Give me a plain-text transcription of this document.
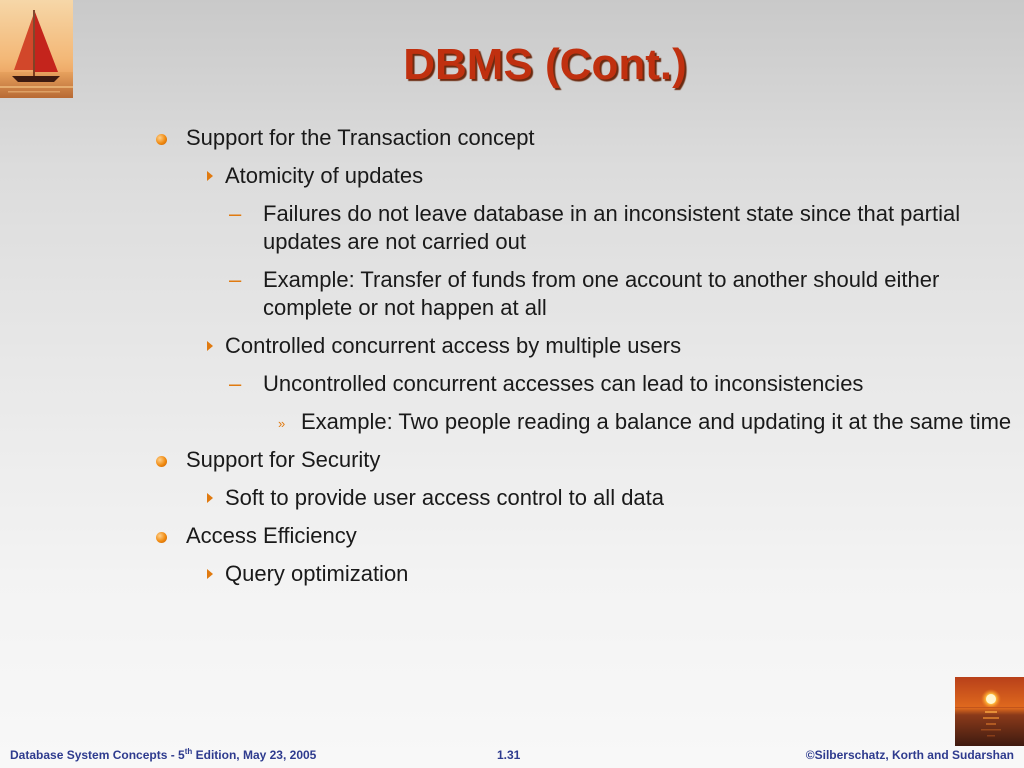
DBMS (Cont.)
Support for the Transaction concept
Atomicity of updates
– Failures do not leave database in an inconsistent state since that partial updates are not carried out
– Example: Transfer of funds from one account to another should either complete or not happen at all
Controlled concurrent access by multiple users
– Uncontrolled concurrent accesses can lead to inconsistencies
» Example: Two people reading a balance and updating it at the same time
Support for Security
Soft to provide user access control to all data
Access Efficiency
Query optimization
Database System Concepts - 5th Edition, May 23, 2005	1.31	©Silberschatz, Korth and Sudarshan
